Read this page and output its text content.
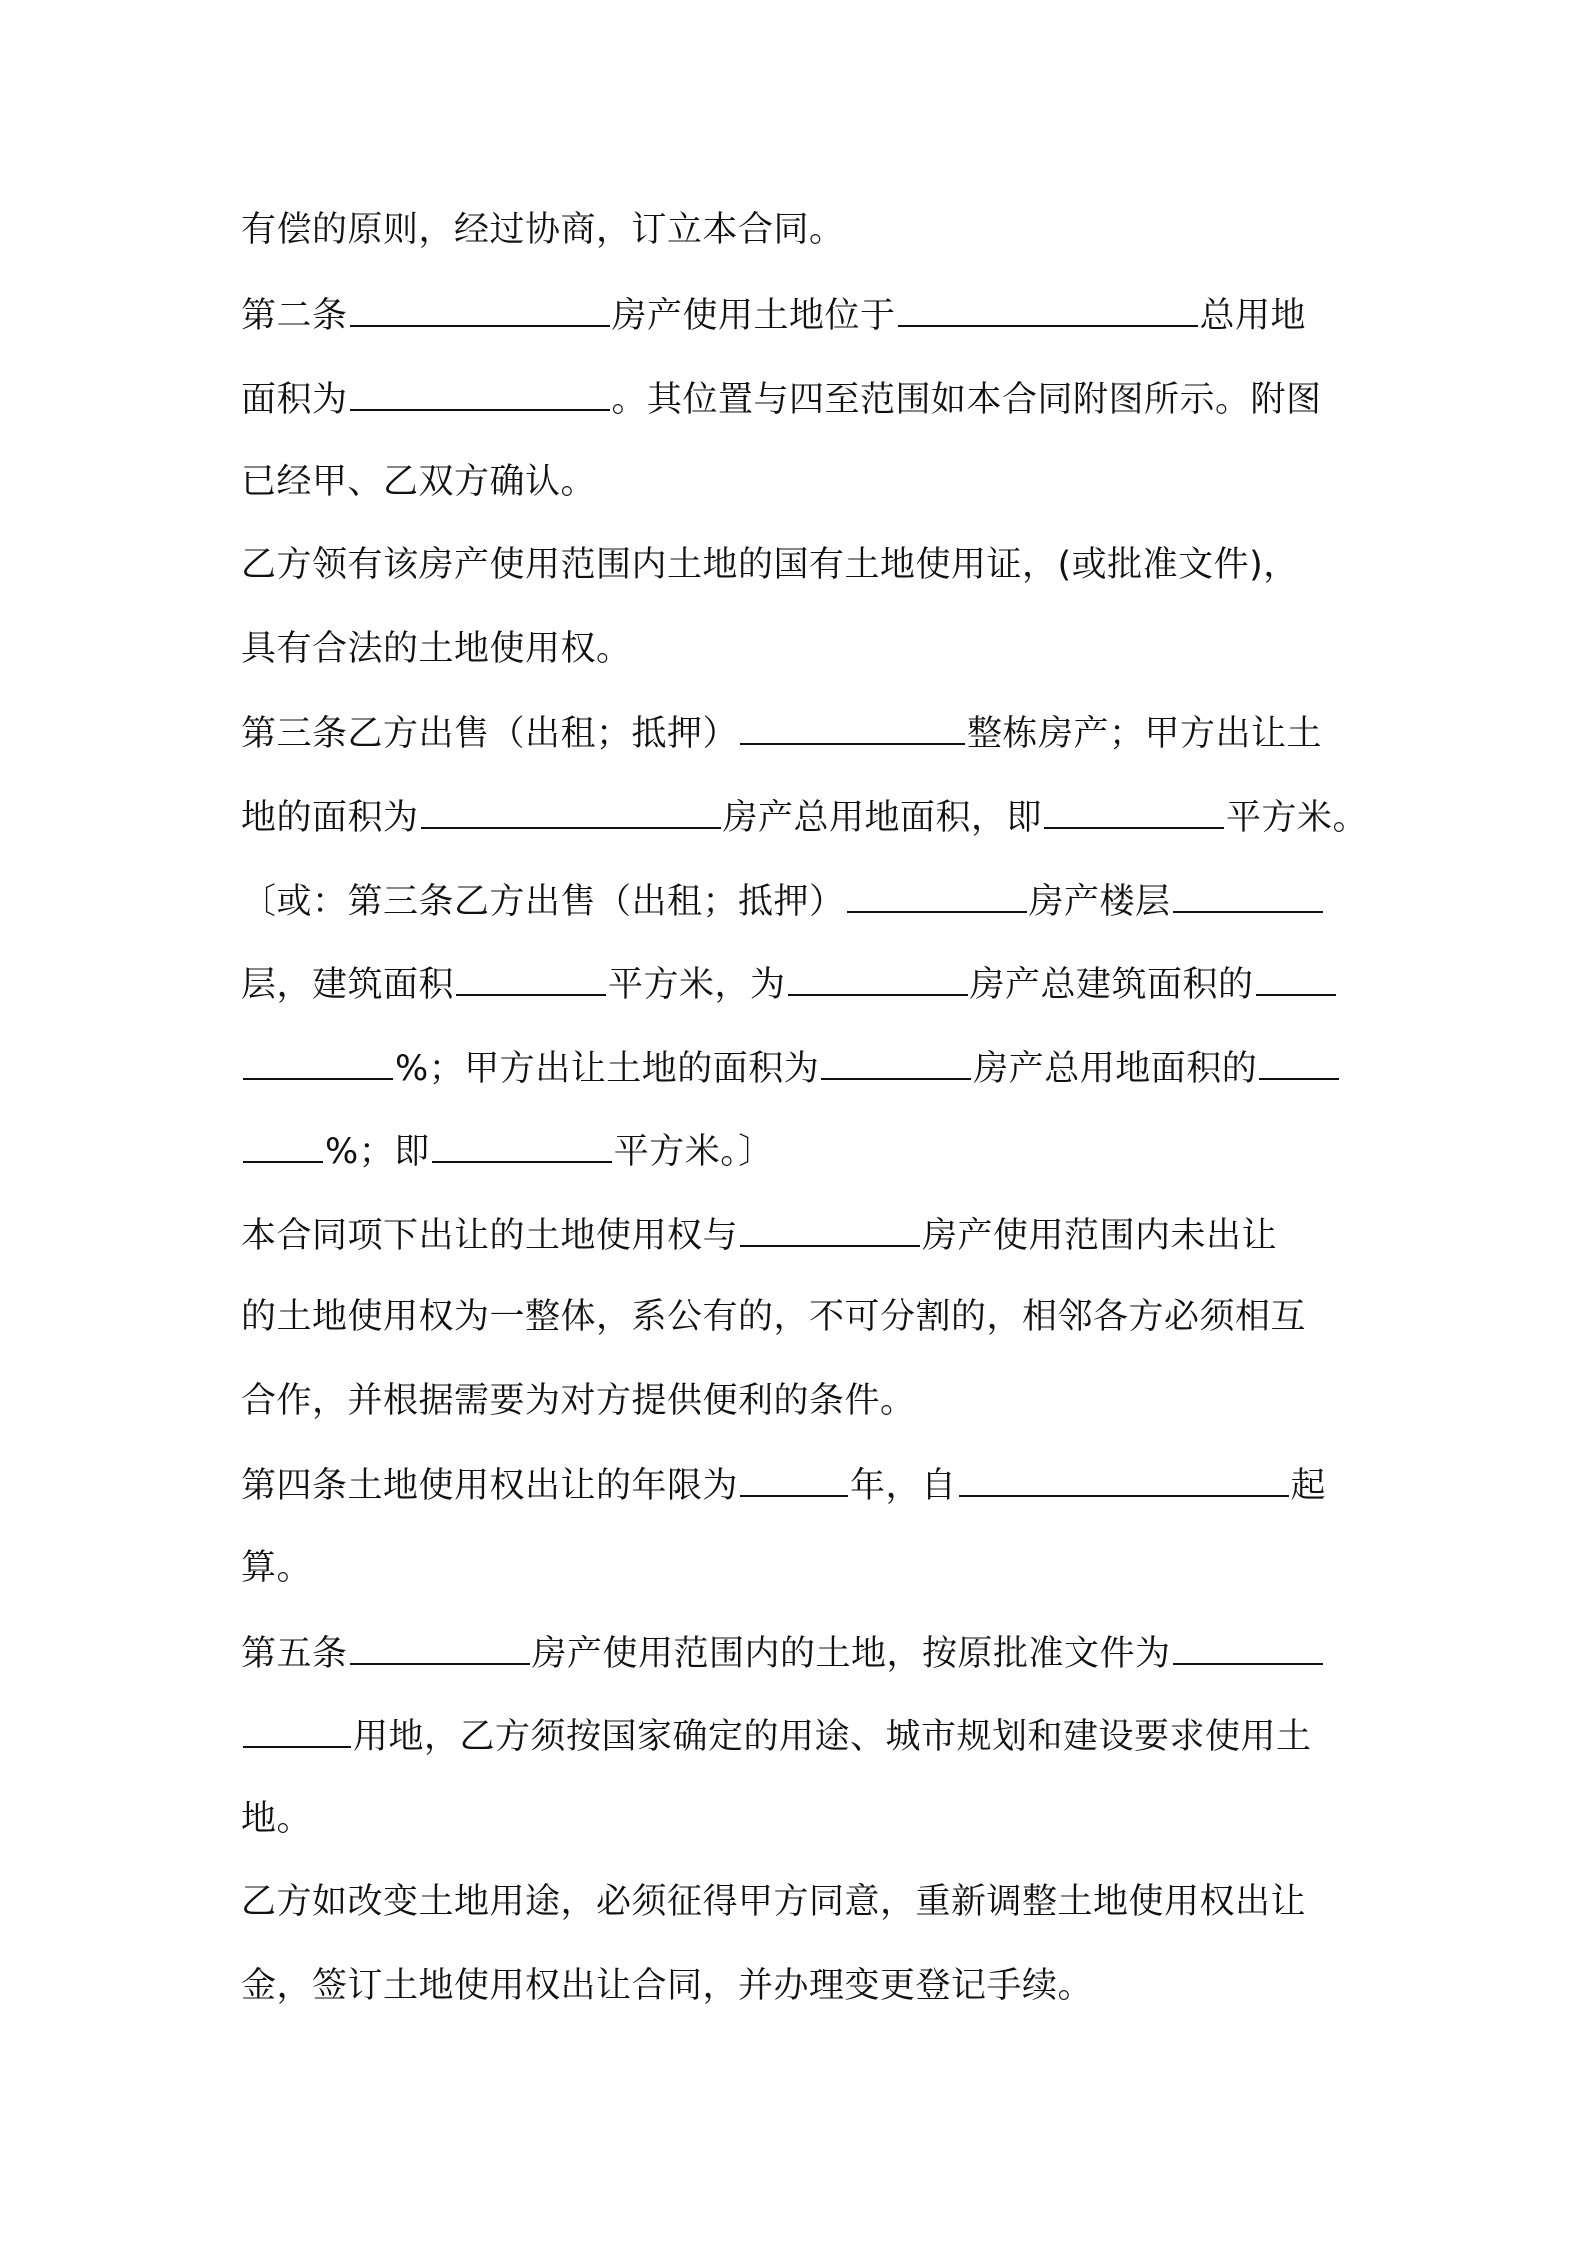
有偿的原则，经过协商，订立本合同。
第二条	房产使用土地位于	总用地
面积为	。其位置与四至范围如本合同附图所示。附图
已经甲、乙双方确认。
乙方领有该房产使用范围内土地的国有土地使用证，(或批准文件)，
具有合法的土地使用权。
第三条乙方出售（出租；抵押）	整栋房产；甲方出让土
地的面积为	房产总用地面积，即	平方米。
〔或：第三条乙方出售（出租；抵押）	房产楼层
层，建筑面积	平方米，为	房产总建筑面积的
%；甲方出让土地的面积为	房产总用地面积的
%；即	平方米。〕
本合同项下出让的土地使用权与	房产使用范围内未出让
的土地使用权为一整体，系公有的，不可分割的，相邻各方必须相互
合作，并根据需要为对方提供便利的条件。
第四条土地使用权出让的年限为	年，自	起
算。
第五条	房产使用范围内的土地，按原批准文件为
用地，乙方须按国家确定的用途、城市规划和建设要求使用土
地。
乙方如改变土地用途，必须征得甲方同意，重新调整土地使用权出让
金，签订土地使用权出让合同，并办理变更登记手续。
